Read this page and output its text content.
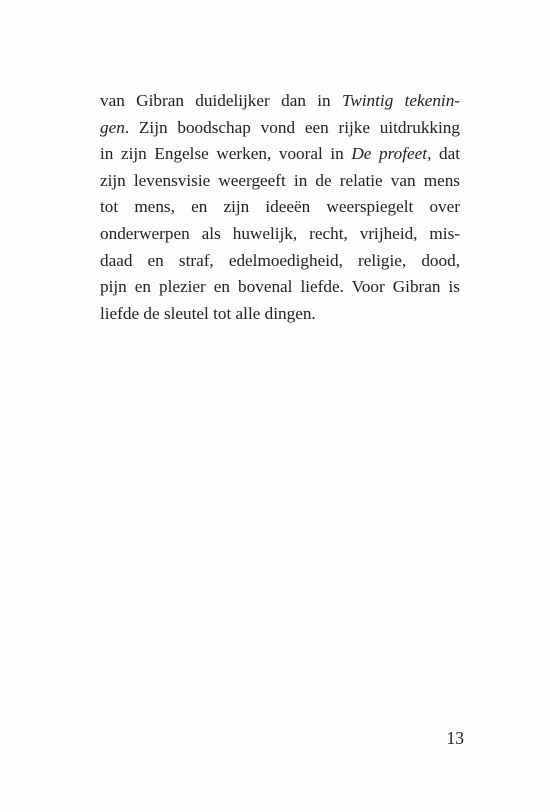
van Gibran duidelijker dan in Twintig tekenin-
gen. Zijn boodschap vond een rijke uitdrukking
in zijn Engelse werken, vooral in De profeet, dat
zijn levensvisie weergeeft in de relatie van mens
tot mens, en zijn ideeën weerspiegelt over
onderwerpen als huwelijk, recht, vrijheid, mis-
daad en straf, edelmoedigheid, religie, dood,
pijn en plezier en bovenal liefde. Voor Gibran is
liefde de sleutel tot alle dingen.
13
